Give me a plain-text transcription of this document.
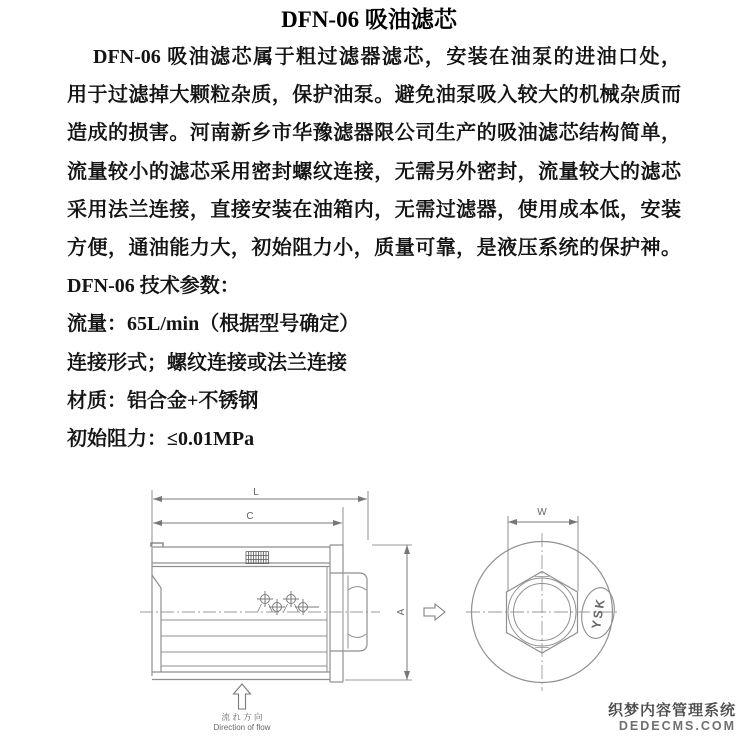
DFN-06 吸油滤芯
DFN-06 吸油滤芯属于粗过滤器滤芯，安装在油泵的进油口处，
用于过滤掉大颗粒杂质，保护油泵。避免油泵吸入较大的机械杂质而
造成的损害。河南新乡市华豫滤器限公司生产的吸油滤芯结构简单，
流量较小的滤芯采用密封螺纹连接，无需另外密封，流量较大的滤芯
采用法兰连接，直接安装在油箱内，无需过滤器，使用成本低，安装
方便，通油能力大，初始阻力小，质量可靠，是液压系统的保护神。
DFN-06 技术参数：
流量：65L/min（根据型号确定）
连接形式；螺纹连接或法兰连接
材质：铝合金+不锈钢
初始阻力：≤0.01MPa
L
C
A
流 れ 方 向
Direction of flow
YSK
W
织梦内容管理系统
DEDECMS.COM
